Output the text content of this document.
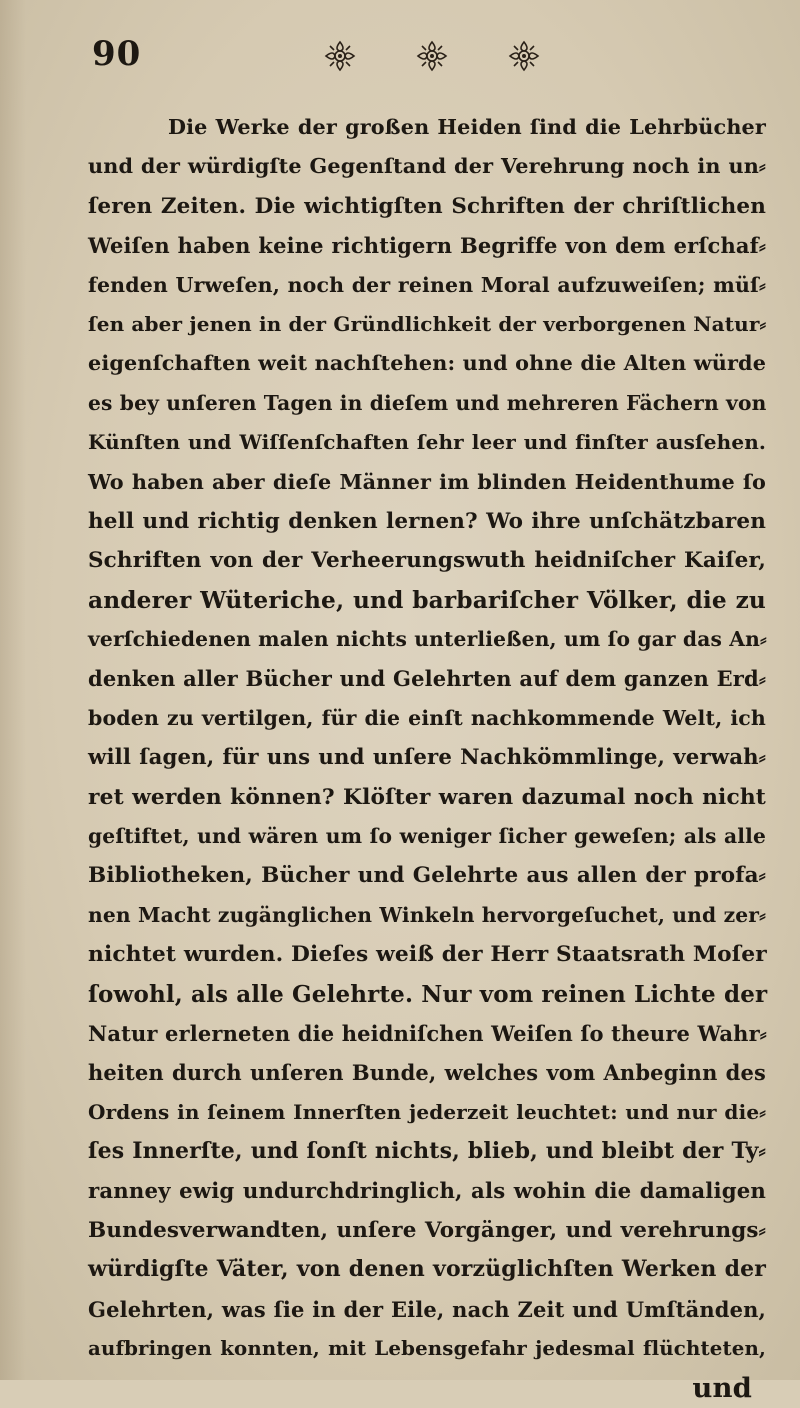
90
Die Werke der großen Heiden ſind die Lehrbücher
und der würdigſte Gegenſtand der Verehrung noch in un⸗
ſeren Zeiten. Die wichtigſten Schriften der chriſtlichen
Weiſen haben keine richtigern Begriffe von dem erſchaf⸗
fenden Urweſen, noch der reinen Moral aufzuweiſen; müſ⸗
ſen aber jenen in der Gründlichkeit der verborgenen Natur⸗
eigenſchaften weit nachſtehen: und ohne die Alten würde
es bey unſeren Tagen in dieſem und mehreren Fächern von
Künſten und Wiſſenſchaften ſehr leer und finſter ausſehen.
Wo haben aber dieſe Männer im blinden Heidenthume ſo
hell und richtig denken lernen? Wo ihre unſchätzbaren
Schriften von der Verheerungswuth heidniſcher Kaiſer,
anderer Wüteriche, und barbariſcher Völker, die zu
verſchiedenen malen nichts unterließen, um ſo gar das An⸗
denken aller Bücher und Gelehrten auf dem ganzen Erd⸗
boden zu vertilgen, für die einſt nachkommende Welt, ich
will ſagen, für uns und unſere Nachkömmlinge, verwah⸗
ret werden können? Klöſter waren dazumal noch nicht
geſtiftet, und wären um ſo weniger ſicher geweſen; als alle
Bibliotheken, Bücher und Gelehrte aus allen der profa⸗
nen Macht zugänglichen Winkeln hervorgeſuchet, und zer⸗
nichtet wurden. Dieſes weiß der Herr Staatsrath Moſer
ſowohl, als alle Gelehrte. Nur vom reinen Lichte der
Natur erlerneten die heidniſchen Weiſen ſo theure Wahr⸗
heiten durch unſeren Bunde, welches vom Anbeginn des
Ordens in ſeinem Innerſten jederzeit leuchtet: und nur die⸗
ſes Innerſte, und ſonſt nichts, blieb, und bleibt der Ty⸗
ranney ewig undurchdringlich, als wohin die damaligen
Bundesverwandten, unſere Vorgänger, und verehrungs⸗
würdigſte Väter, von denen vorzüglichſten Werken der
Gelehrten, was ſie in der Eile, nach Zeit und Umſtänden,
aufbringen konnten, mit Lebensgefahr jedesmal flüchteten,
und
